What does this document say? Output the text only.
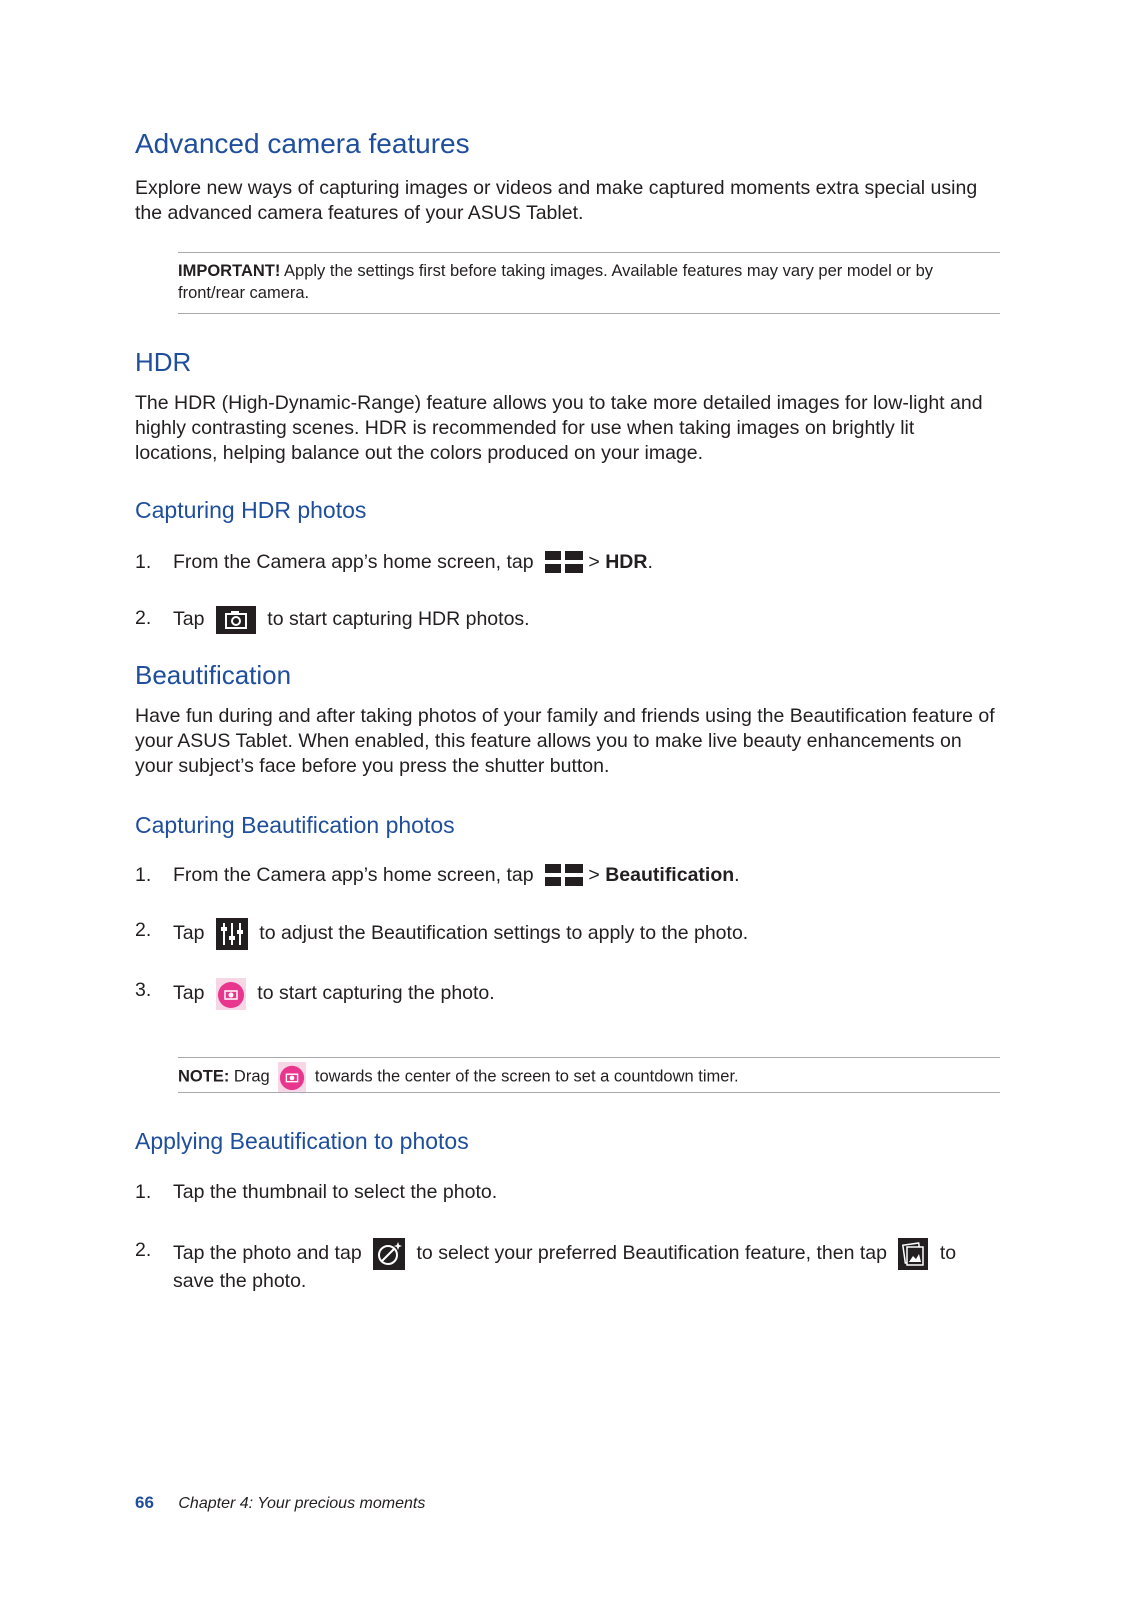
Advanced camera features

Explore new ways of capturing images or videos and make captured moments extra special using the advanced camera features of your ASUS Tablet.

IMPORTANT! Apply the settings first before taking images. Available features may vary per model or by front/rear camera.
HDR

The HDR (High-Dynamic-Range) feature allows you to take more detailed images for low-light and highly contrasting scenes. HDR is recommended for use when taking images on brightly lit locations, helping balance out the colors produced on your image.

Capturing HDR photos
1. From the Camera app’s home screen, tap	> HDR.
2. Tap	to start capturing HDR photos.
Beautification

Have fun during and after taking photos of your family and friends using the Beautification feature of your ASUS Tablet. When enabled, this feature allows you to make live beauty enhancements on your subject’s face before you press the shutter button.

Capturing Beautification photos
1. From the Camera app’s home screen, tap	> Beautification.
2. Tap	to adjust the Beautification settings to apply to the photo.
3. Tap	to start capturing the photo.
NOTE: Drag	towards the center of the screen to set a countdown timer.
Applying Beautification to photos
1. Tap the thumbnail to select the photo.
2. Tap the photo and tap	to select your preferred Beautification feature, then tap	to
save the photo.
66 Chapter 4: Your precious moments
